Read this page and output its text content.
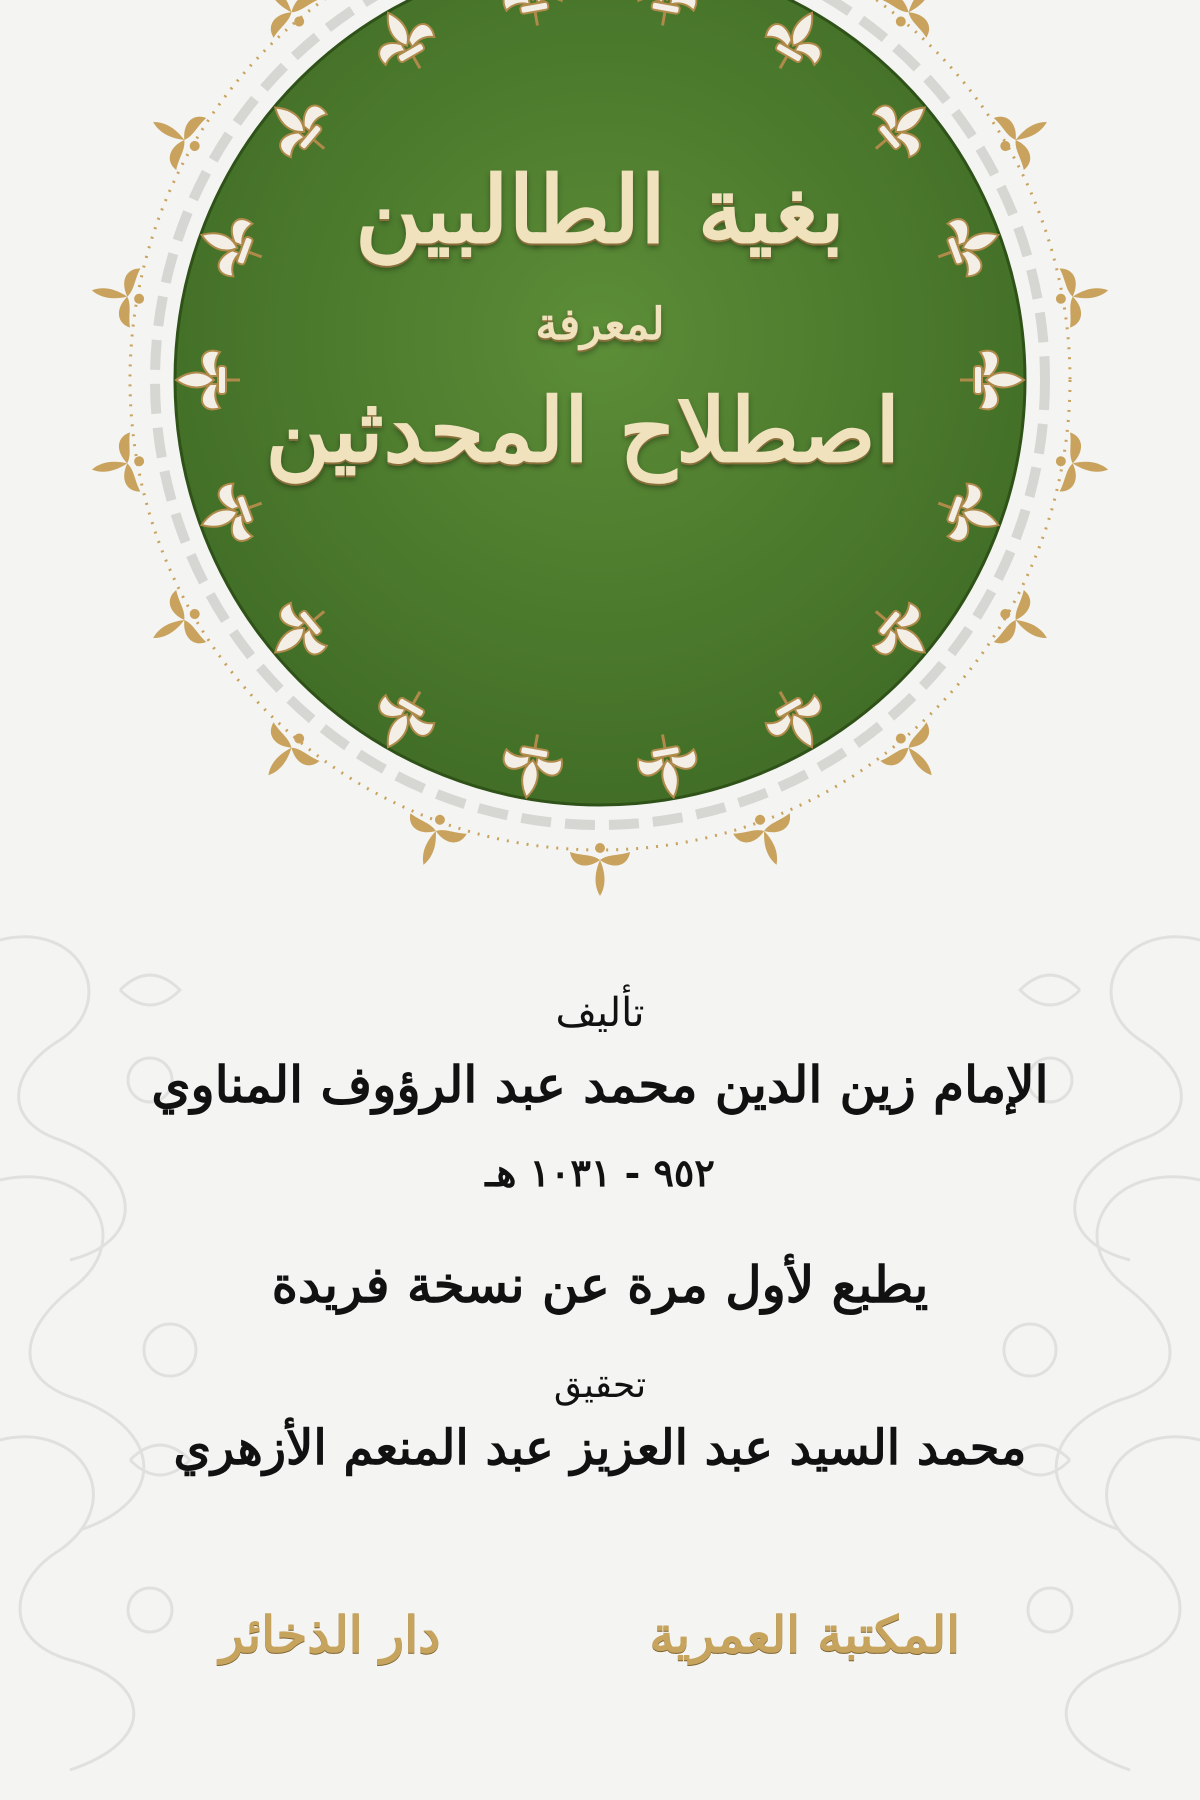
بغية الطالبين
لمعرفة
اصطلاح المحدثين
تأليف
الإمام زين الدين محمد عبد الرؤوف المناوي
٩٥٢ - ١٠٣١ هـ
يطبع لأول مرة عن نسخة فريدة
تحقيق
محمد السيد عبد العزيز عبد المنعم الأزهري
دار الذخائر	المكتبة العمرية
